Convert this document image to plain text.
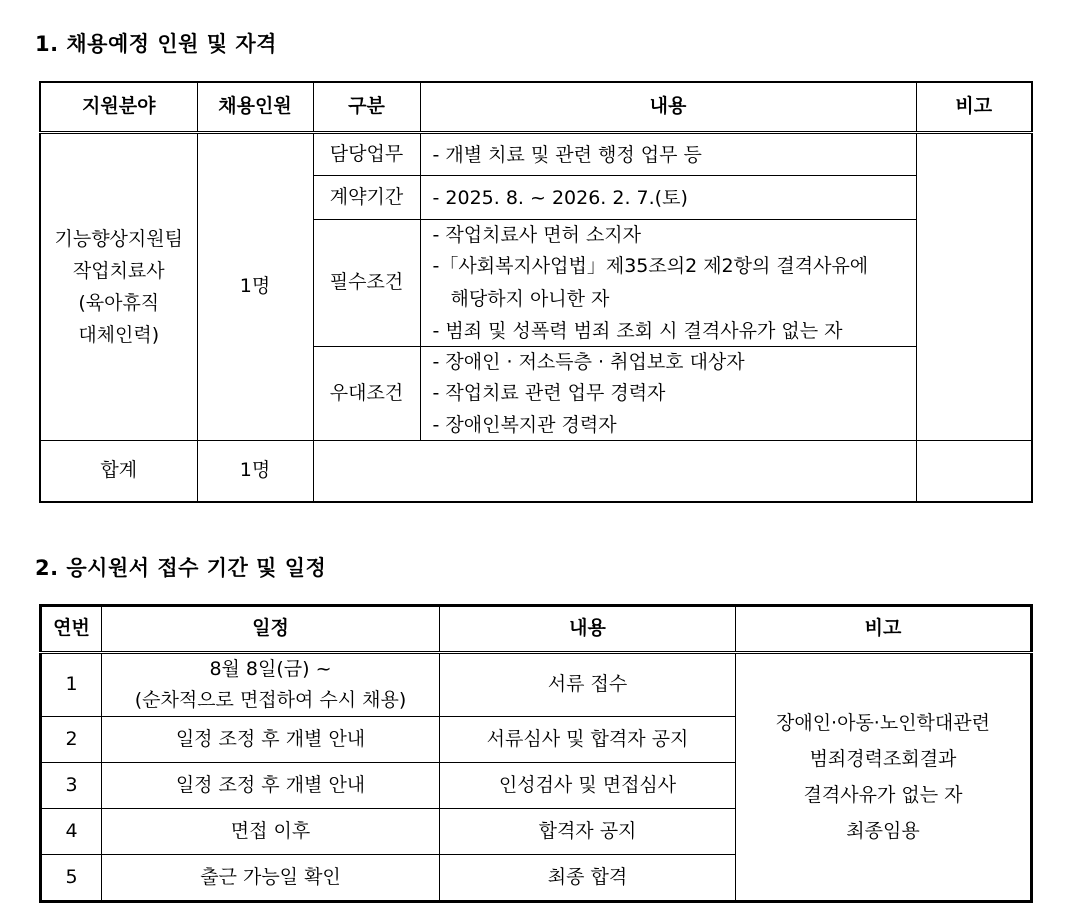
1. 채용예정 인원 및 자격
지원분야	채용인원	구분	내용	비고

기능향상지원팀
작업치료사
(육아휴직
대체인력)	1명	담당업무	- 개별 치료 및 관련 행정 업무 등	

		계약기간	- 2025. 8. ~ 2026. 2. 7.(토)	

		필수조건	- 작업치료사 면허 소지자
-「사회복지사업법」제35조의2 제2항의 결격사유에
해당하지 아니한 자
- 범죄 및 성폭력 범죄 조회 시 결격사유가 없는 자	

		우대조건	- 장애인 · 저소득층 · 취업보호 대상자
- 작업치료 관련 업무 경력자
- 장애인복지관 경력자	

합계	1명			
2. 응시원서 접수 기간 및 일정
연번	일정	내용	비고
1	8월 8일(금) ~
(순차적으로 면접하여 수시 채용)	서류 접수	장애인·아동·노인학대관련
범죄경력조회결과
결격사유가 없는 자
최종임용

2	일정 조정 후 개별 안내	서류심사 및 합격자 공지	
3	일정 조정 후 개별 안내	인성검사 및 면접심사	
4	면접 이후	합격자 공지	
5	출근 가능일 확인	최종 합격	
